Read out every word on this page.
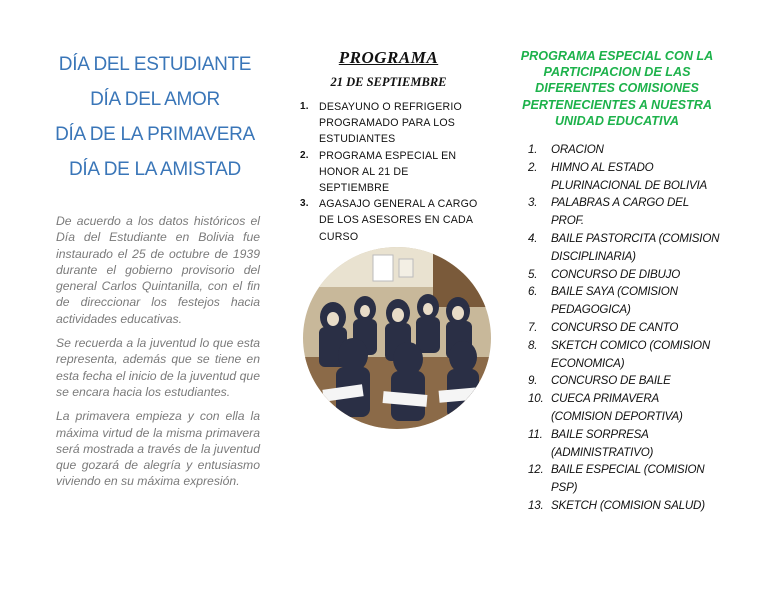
DÍA DEL ESTUDIANTE
DÍA DEL AMOR
DÍA DE LA PRIMAVERA
DÍA DE LA AMISTAD

De acuerdo a los datos históricos el Día del Estudiante en Bolivia fue instaurado el 25 de octubre de 1939 durante el gobierno provisorio del general Carlos Quintanilla, con el fin de direccionar los festejos hacia actividades educativas.

Se recuerda a la juventud lo que esta representa, además que se tiene en esta fecha el inicio de la juventud que se encara hacia los estudiantes.

La primavera empieza y con ella la máxima virtud de la misma primavera será mostrada a través de la juventud que gozará de alegría y entusiasmo viviendo en su máxima expresión.

PROGRAMA
21 DE SEPTIEMBRE
1. DESAYUNO O REFRIGERIO PROGRAMADO PARA LOS ESTUDIANTES
2. PROGRAMA ESPECIAL EN HONOR AL 21 DE SEPTIEMBRE
3. AGASAJO GENERAL A CARGO DE LOS ASESORES EN CADA CURSO
PROGRAMA ESPECIAL CON LA PARTICIPACION DE LAS DIFERENTES COMISIONES PERTENECIENTES A NUESTRA UNIDAD EDUCATIVA
1. ORACION
2. HIMNO AL ESTADO PLURINACIONAL DE BOLIVIA
3. PALABRAS A CARGO DEL PROF.
4. BAILE PASTORCITA (COMISION DISCIPLINARIA)
5. CONCURSO DE DIBUJO
6. BAILE SAYA (COMISION PEDAGOGICA)
7. CONCURSO DE CANTO
8. SKETCH COMICO (COMISION ECONOMICA)
9. CONCURSO DE BAILE
10. CUECA PRIMAVERA (COMISION DEPORTIVA)
11. BAILE SORPRESA (ADMINISTRATIVO)
12. BAILE ESPECIAL (COMISION PSP)
13. SKETCH (COMISION SALUD)
